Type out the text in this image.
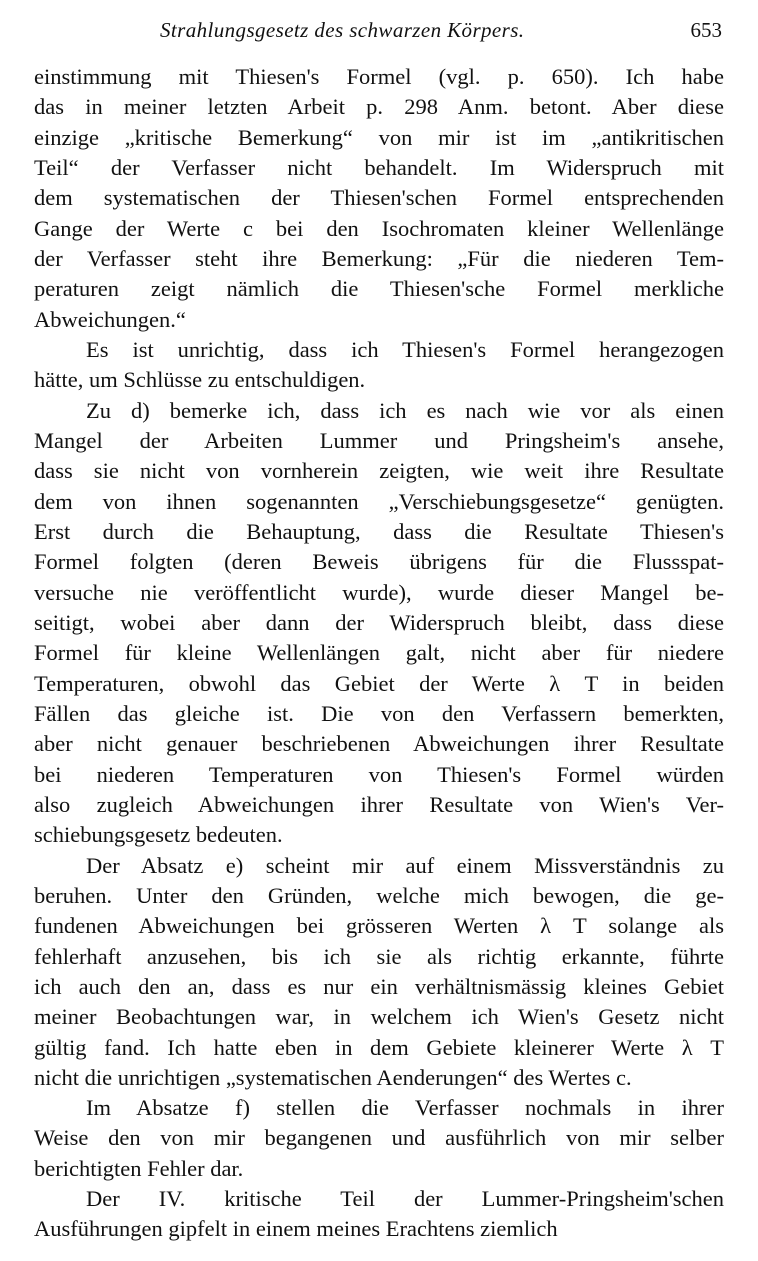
Strahlungsgesetz des schwarzen Körpers.	653

einstimmung mit Thiesen's Formel (vgl. p. 650). Ich habe
das in meiner letzten Arbeit p. 298 Anm. betont. Aber diese
einzige „kritische Bemerkung“ von mir ist im „antikritischen
Teil“ der Verfasser nicht behandelt. Im Widerspruch mit
dem systematischen der Thiesen'schen Formel entsprechenden
Gange der Werte c bei den Isochromaten kleiner Wellenlänge
der Verfasser steht ihre Bemerkung: „Für die niederen Tem-
peraturen zeigt nämlich die Thiesen'sche Formel merkliche
Abweichungen.“

Es ist unrichtig, dass ich Thiesen's Formel herangezogen
hätte, um Schlüsse zu entschuldigen.

Zu d) bemerke ich, dass ich es nach wie vor als einen
Mangel der Arbeiten Lummer und Pringsheim's ansehe,
dass sie nicht von vornherein zeigten, wie weit ihre Resultate
dem von ihnen sogenannten „Verschiebungsgesetze“ genügten.
Erst durch die Behauptung, dass die Resultate Thiesen's
Formel folgten (deren Beweis übrigens für die Flussspat-
versuche nie veröffentlicht wurde), wurde dieser Mangel be-
seitigt, wobei aber dann der Widerspruch bleibt, dass diese
Formel für kleine Wellenlängen galt, nicht aber für niedere
Temperaturen, obwohl das Gebiet der Werte λ T in beiden
Fällen das gleiche ist. Die von den Verfassern bemerkten,
aber nicht genauer beschriebenen Abweichungen ihrer Resultate
bei niederen Temperaturen von Thiesen's Formel würden
also zugleich Abweichungen ihrer Resultate von Wien's Ver-
schiebungsgesetz bedeuten.

Der Absatz e) scheint mir auf einem Missverständnis zu
beruhen. Unter den Gründen, welche mich bewogen, die ge-
fundenen Abweichungen bei grösseren Werten λ T solange als
fehlerhaft anzusehen, bis ich sie als richtig erkannte, führte
ich auch den an, dass es nur ein verhältnismässig kleines Gebiet
meiner Beobachtungen war, in welchem ich Wien's Gesetz nicht
gültig fand. Ich hatte eben in dem Gebiete kleinerer Werte λ T
nicht die unrichtigen „systematischen Aenderungen“ des Wertes c.

Im Absatze f) stellen die Verfasser nochmals in ihrer
Weise den von mir begangenen und ausführlich von mir selber
berichtigten Fehler dar.

Der IV. kritische Teil der Lummer-Pringsheim'schen
Ausführungen gipfelt in einem meines Erachtens ziemlich
